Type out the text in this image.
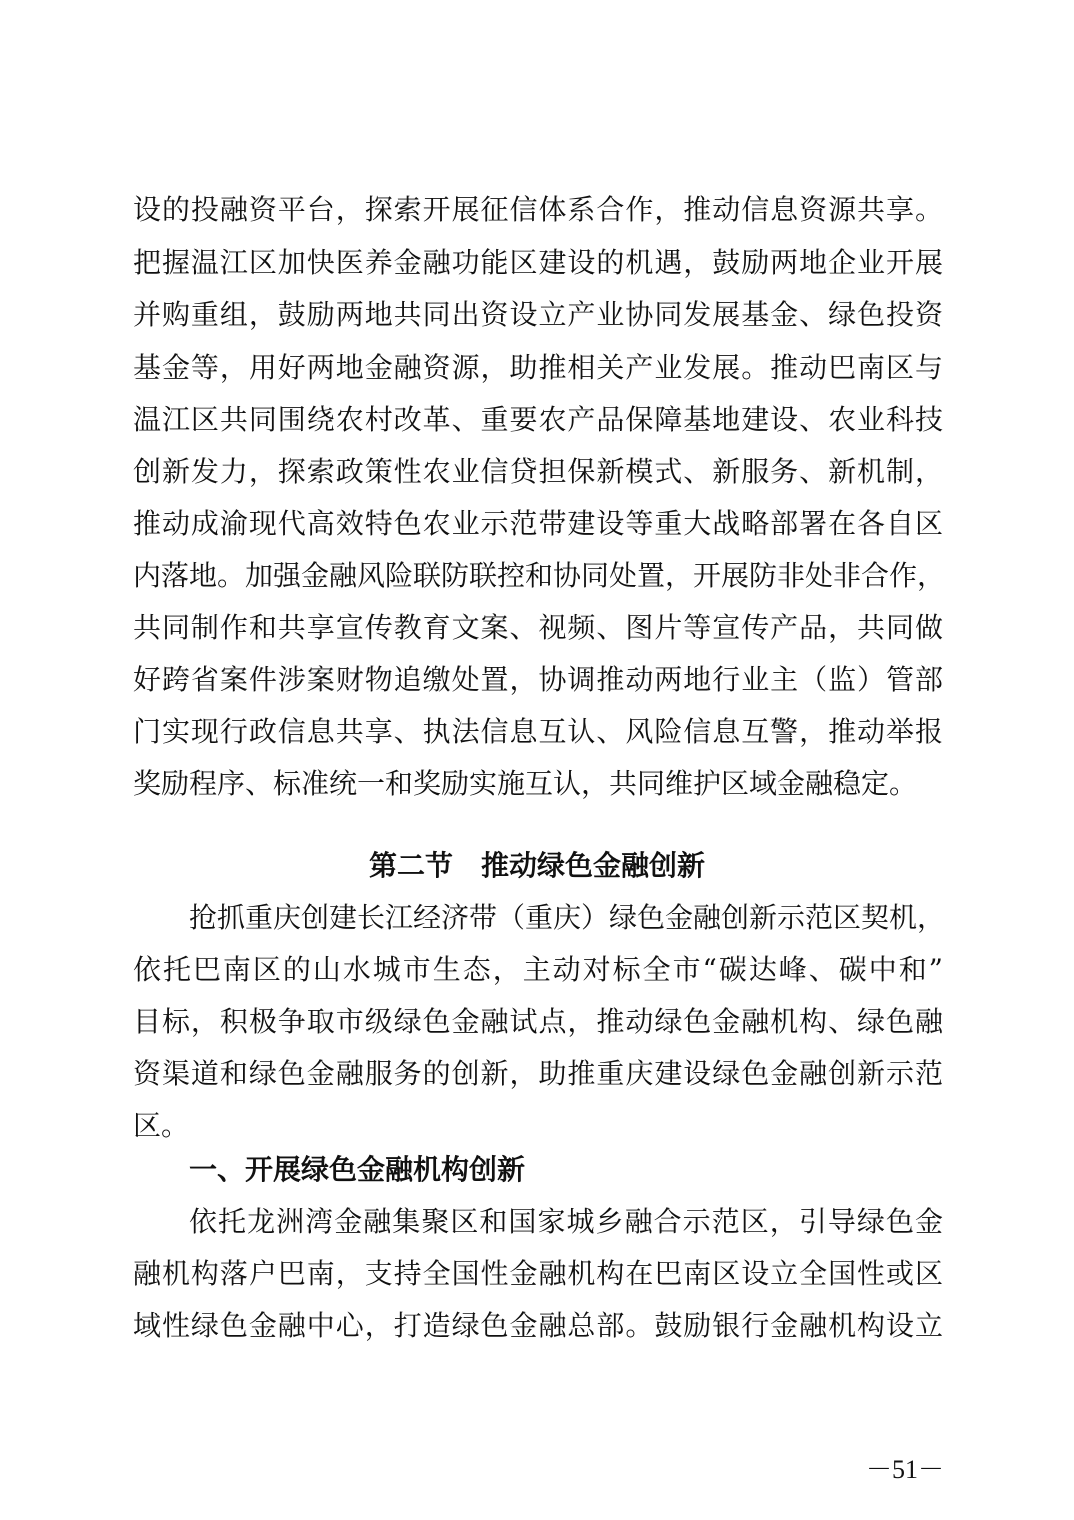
设的投融资平台，探索开展征信体系合作，推动信息资源共享。
把握温江区加快医养金融功能区建设的机遇，鼓励两地企业开展
并购重组，鼓励两地共同出资设立产业协同发展基金、绿色投资
基金等，用好两地金融资源，助推相关产业发展。推动巴南区与
温江区共同围绕农村改革、重要农产品保障基地建设、农业科技
创新发力，探索政策性农业信贷担保新模式、新服务、新机制，
推动成渝现代高效特色农业示范带建设等重大战略部署在各自区
内落地。加强金融风险联防联控和协同处置，开展防非处非合作，
共同制作和共享宣传教育文案、视频、图片等宣传产品，共同做
好跨省案件涉案财物追缴处置，协调推动两地行业主（监）管部
门实现行政信息共享、执法信息互认、风险信息互警，推动举报
奖励程序、标准统一和奖励实施互认，共同维护区域金融稳定。
第二节　推动绿色金融创新
抢抓重庆创建长江经济带（重庆）绿色金融创新示范区契机，
依托巴南区的山水城市生态，主动对标全市“碳达峰、碳中和”
目标，积极争取市级绿色金融试点，推动绿色金融机构、绿色融
资渠道和绿色金融服务的创新，助推重庆建设绿色金融创新示范
区。
一、开展绿色金融机构创新
依托龙洲湾金融集聚区和国家城乡融合示范区，引导绿色金
融机构落户巴南，支持全国性金融机构在巴南区设立全国性或区
域性绿色金融中心，打造绿色金融总部。鼓励银行金融机构设立
－51－
